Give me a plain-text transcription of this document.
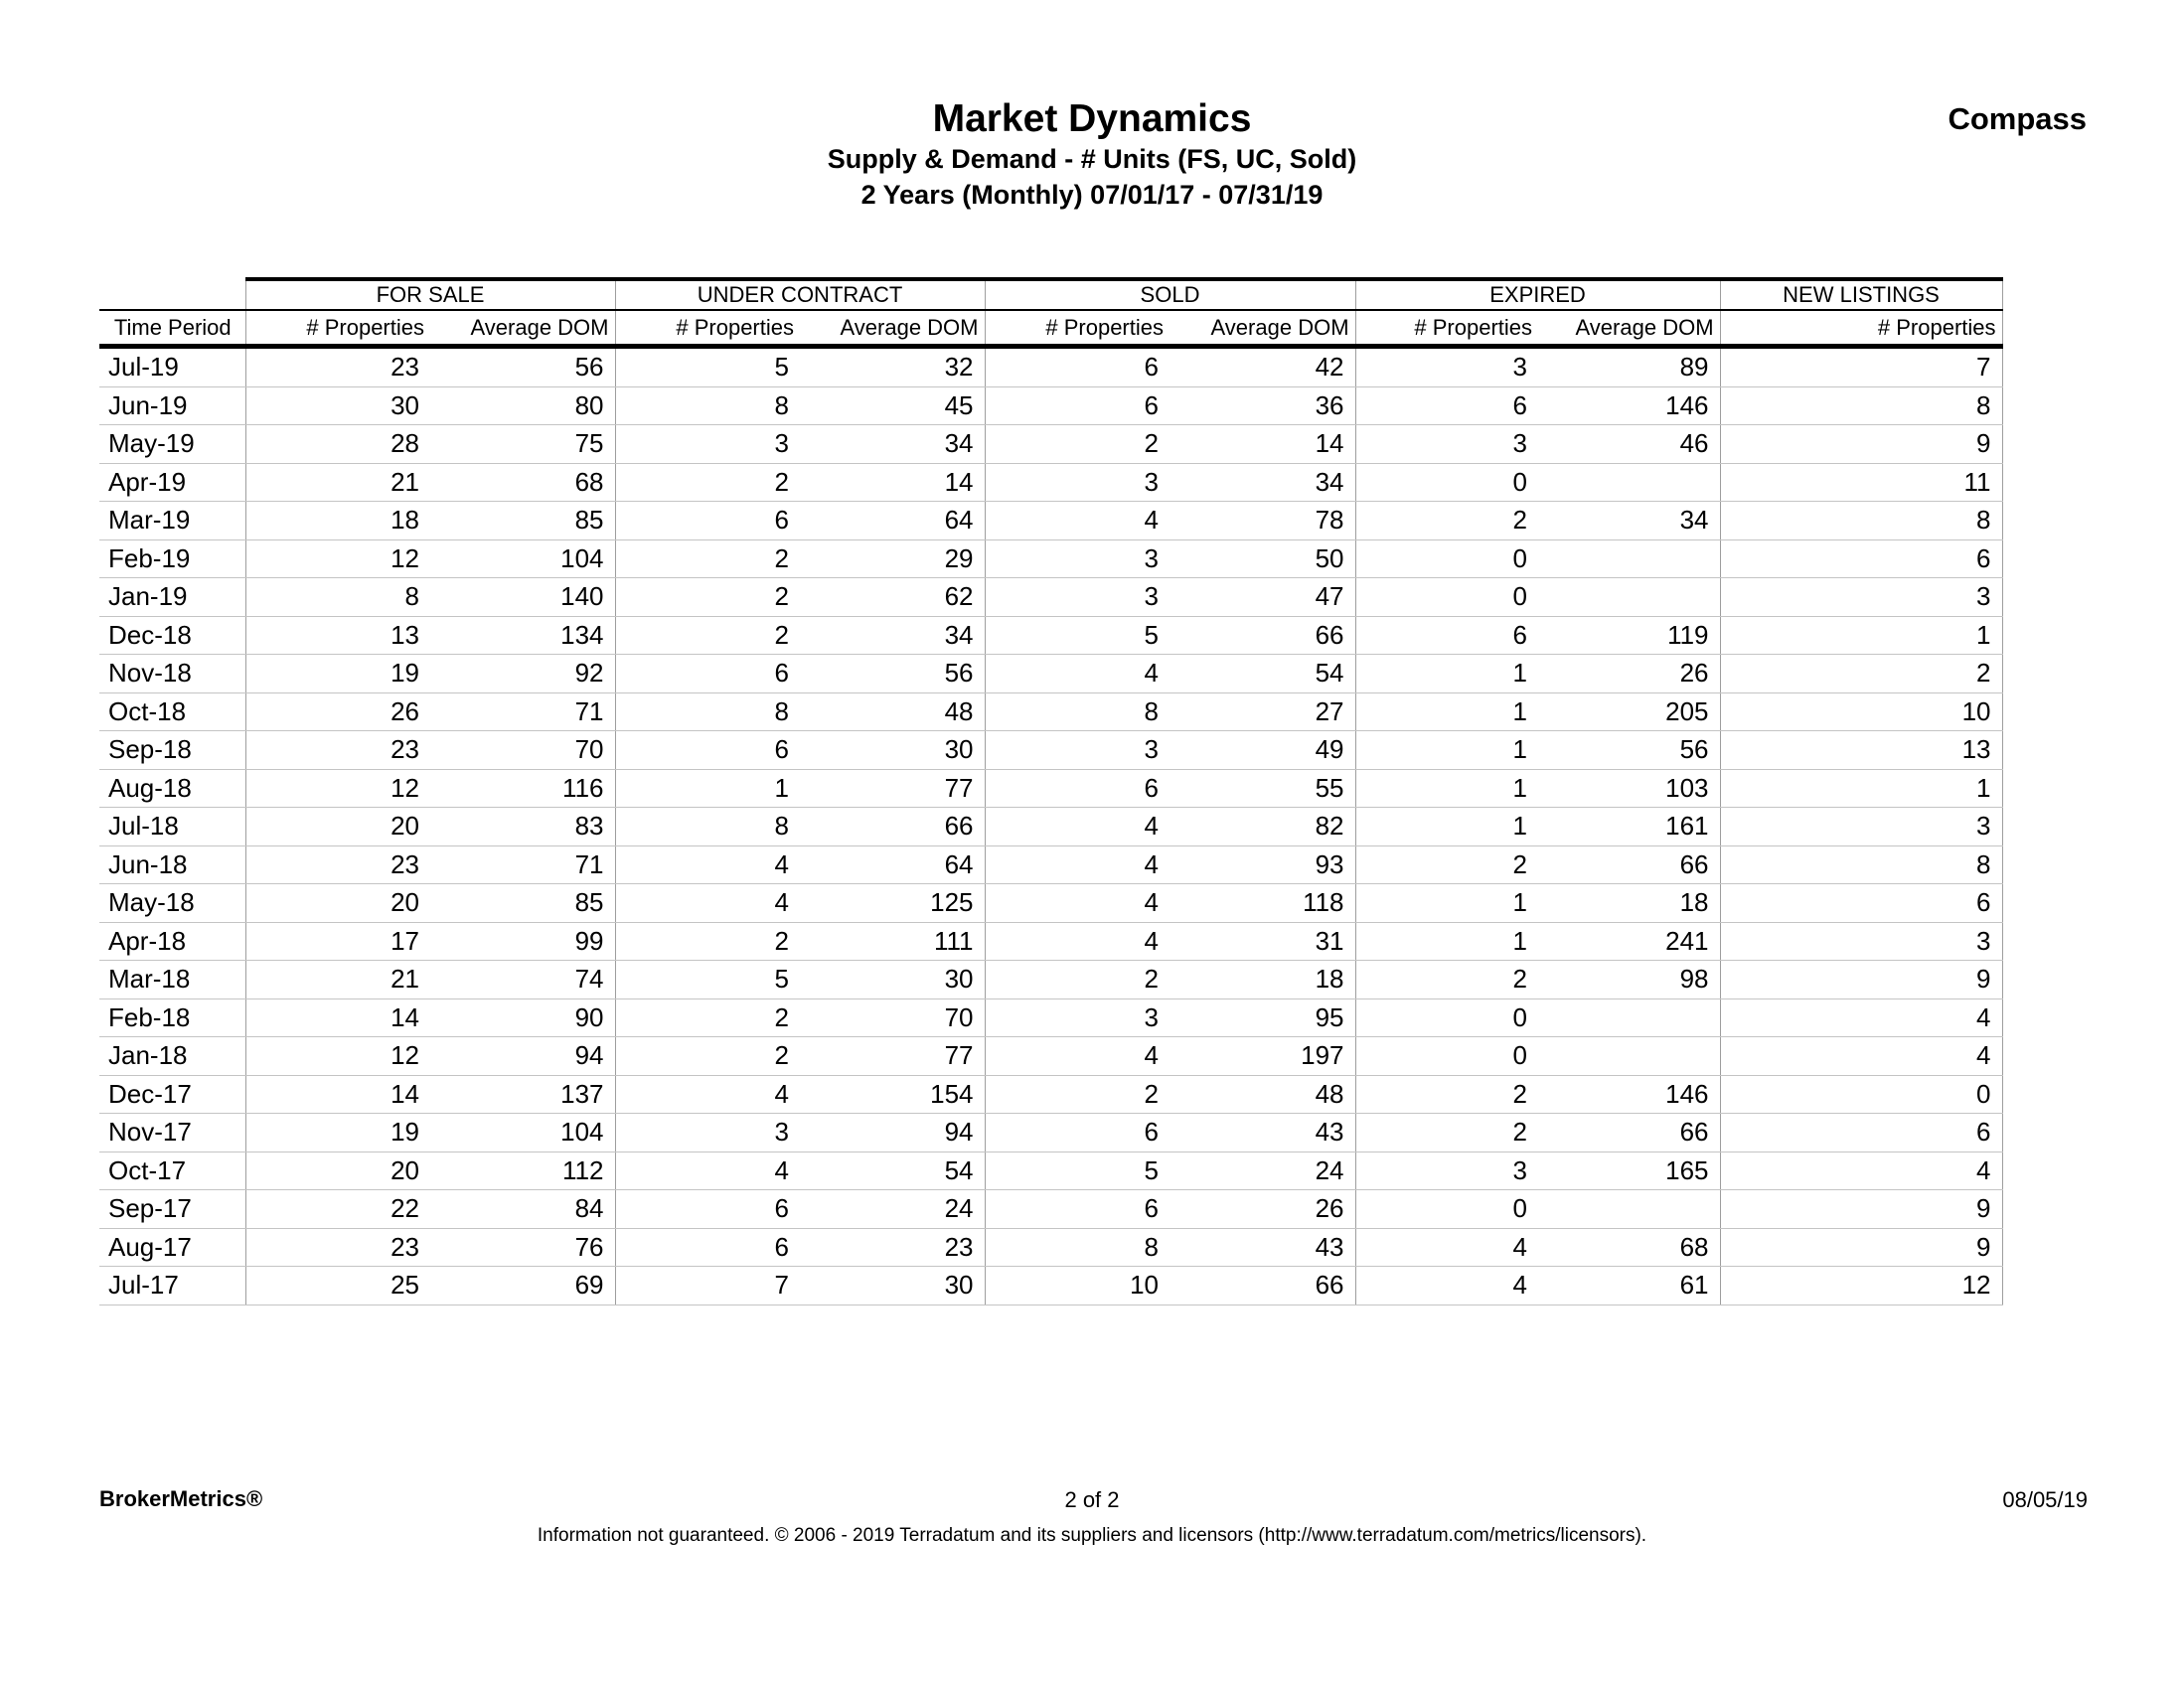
Market Dynamics
Supply & Demand - # Units (FS, UC, Sold)
2 Years (Monthly) 07/01/17 - 07/31/19
Compass
	FOR SALE		UNDER CONTRACT		SOLD		EXPIRED		NEW LISTINGS
Time Period	# Properties	Average DOM	# Properties	Average DOM	# Properties	Average DOM	# Properties	Average DOM	# Properties
Jul-19	23	56	5	32	6	42	3	89	7
Jun-19	30	80	8	45	6	36	6	146	8
May-19	28	75	3	34	2	14	3	46	9
Apr-19	21	68	2	14	3	34	0		11
Mar-19	18	85	6	64	4	78	2	34	8
Feb-19	12	104	2	29	3	50	0		6
Jan-19	8	140	2	62	3	47	0		3
Dec-18	13	134	2	34	5	66	6	119	1
Nov-18	19	92	6	56	4	54	1	26	2
Oct-18	26	71	8	48	8	27	1	205	10
Sep-18	23	70	6	30	3	49	1	56	13
Aug-18	12	116	1	77	6	55	1	103	1
Jul-18	20	83	8	66	4	82	1	161	3
Jun-18	23	71	4	64	4	93	2	66	8
May-18	20	85	4	125	4	118	1	18	6
Apr-18	17	99	2	111	4	31	1	241	3
Mar-18	21	74	5	30	2	18	2	98	9
Feb-18	14	90	2	70	3	95	0		4
Jan-18	12	94	2	77	4	197	0		4
Dec-17	14	137	4	154	2	48	2	146	0
Nov-17	19	104	3	94	6	43	2	66	6
Oct-17	20	112	4	54	5	24	3	165	4
Sep-17	22	84	6	24	6	26	0		9
Aug-17	23	76	6	23	8	43	4	68	9
Jul-17	25	69	7	30	10	66	4	61	12
BrokerMetrics®	2 of 2	08/05/19
Information not guaranteed. © 2006 - 2019 Terradatum and its suppliers and licensors (http://www.terradatum.com/metrics/licensors).
